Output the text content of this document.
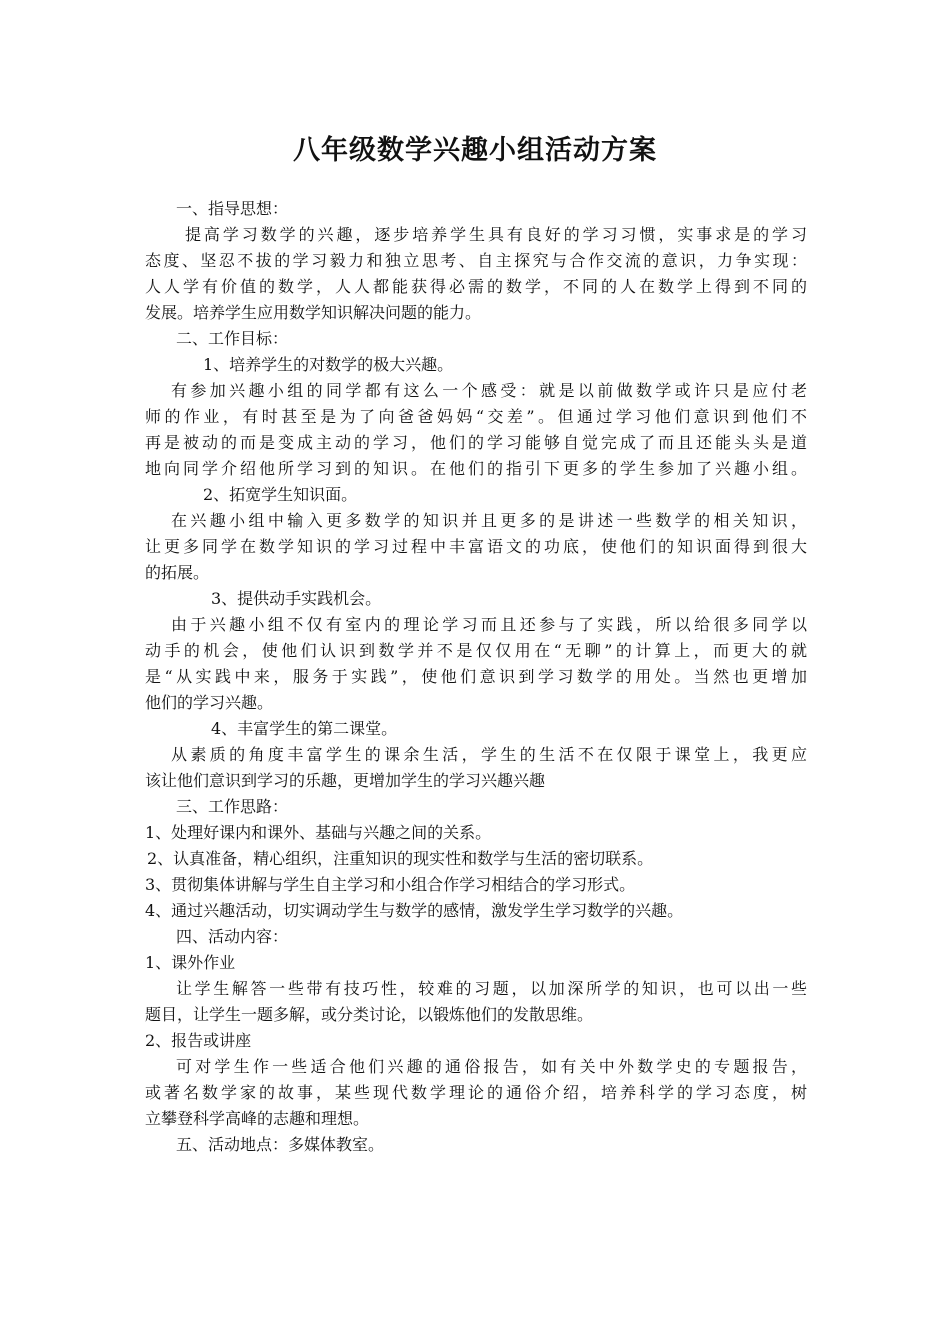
八年级数学兴趣小组活动方案
一、指导思想：
提高学习数学的兴趣，逐步培养学生具有良好的学习习惯，实事求是的学习
态度、坚忍不拔的学习毅力和独立思考、自主探究与合作交流的意识，力争实现：
人人学有价值的数学，人人都能获得必需的数学，不同的人在数学上得到不同的
发展。培养学生应用数学知识解决问题的能力。
二、工作目标：
1、培养学生的对数学的极大兴趣。
有参加兴趣小组的同学都有这么一个感受：就是以前做数学或许只是应付老
师的作业，有时甚至是为了向爸爸妈妈“交差”。但通过学习他们意识到他们不
再是被动的而是变成主动的学习，他们的学习能够自觉完成了而且还能头头是道
地向同学介绍他所学习到的知识。在他们的指引下更多的学生参加了兴趣小组。
2、拓宽学生知识面。
在兴趣小组中输入更多数学的知识并且更多的是讲述一些数学的相关知识，
让更多同学在数学知识的学习过程中丰富语文的功底，使他们的知识面得到很大
的拓展。
3、提供动手实践机会。
由于兴趣小组不仅有室内的理论学习而且还参与了实践，所以给很多同学以
动手的机会，使他们认识到数学并不是仅仅用在“无聊”的计算上，而更大的就
是“从实践中来，服务于实践”，使他们意识到学习数学的用处。当然也更增加
他们的学习兴趣。
4、丰富学生的第二课堂。
从素质的角度丰富学生的课余生活，学生的生活不在仅限于课堂上，我更应
该让他们意识到学习的乐趣，更增加学生的学习兴趣兴趣
三、工作思路：
1、处理好课内和课外、基础与兴趣之间的关系。
2、认真准备，精心组织，注重知识的现实性和数学与生活的密切联系。
3、贯彻集体讲解与学生自主学习和小组合作学习相结合的学习形式。
4、通过兴趣活动，切实调动学生与数学的感情，激发学生学习数学的兴趣。
四、活动内容：
1、课外作业
让学生解答一些带有技巧性，较难的习题，以加深所学的知识，也可以出一些
题目，让学生一题多解，或分类讨论，以锻炼他们的发散思维。
2、报告或讲座
可对学生作一些适合他们兴趣的通俗报告，如有关中外数学史的专题报告，
或著名数学家的故事，某些现代数学理论的通俗介绍，培养科学的学习态度，树
立攀登科学高峰的志趣和理想。
五、活动地点：多媒体教室。
